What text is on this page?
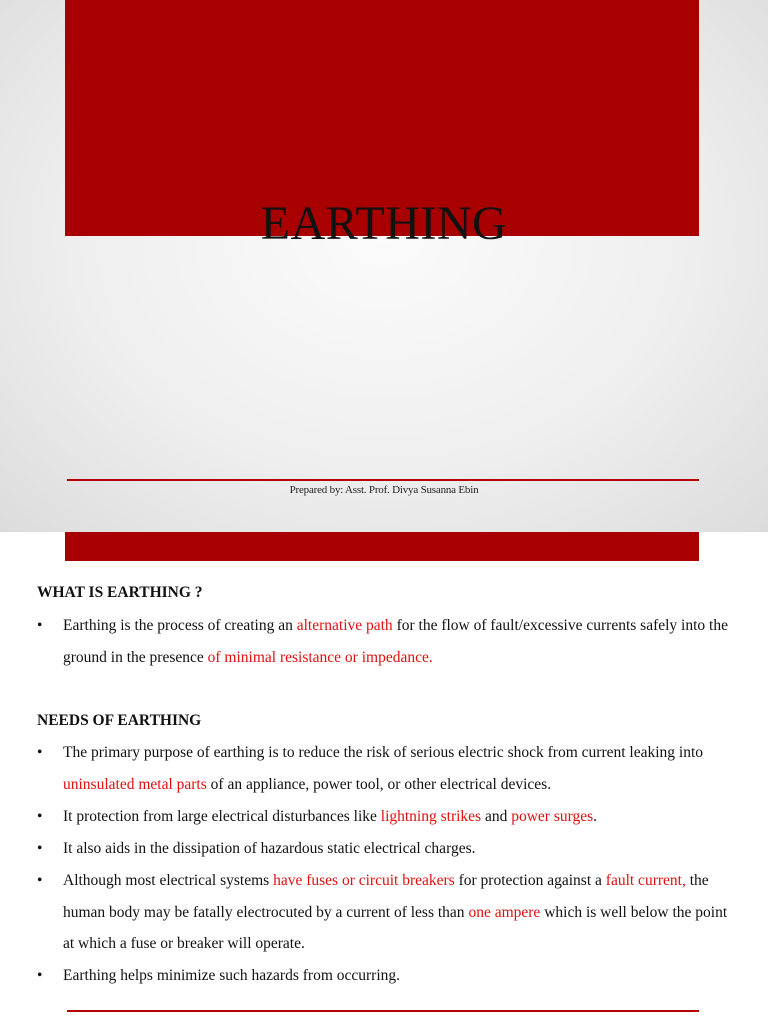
EARTHING
Prepared by: Asst. Prof. Divya Susanna Ebin
WHAT IS EARTHING ?
•	Earthing is the process of creating an alternative path for the flow of fault/excessive currents safely into the ground in the presence of minimal resistance or impedance.
NEEDS OF EARTHING
•	The primary purpose of earthing is to reduce the risk of serious electric shock from current leaking into uninsulated metal parts of an appliance, power tool, or other electrical devices.
•	It protection from large electrical disturbances like lightning strikes and power surges.
•	It also aids in the dissipation of hazardous static electrical charges.
•	Although most electrical systems have fuses or circuit breakers for protection against a fault current, the human body may be fatally electrocuted by a current of less than one ampere which is well below the point at which a fuse or breaker will operate.
•	Earthing helps minimize such hazards from occurring.
